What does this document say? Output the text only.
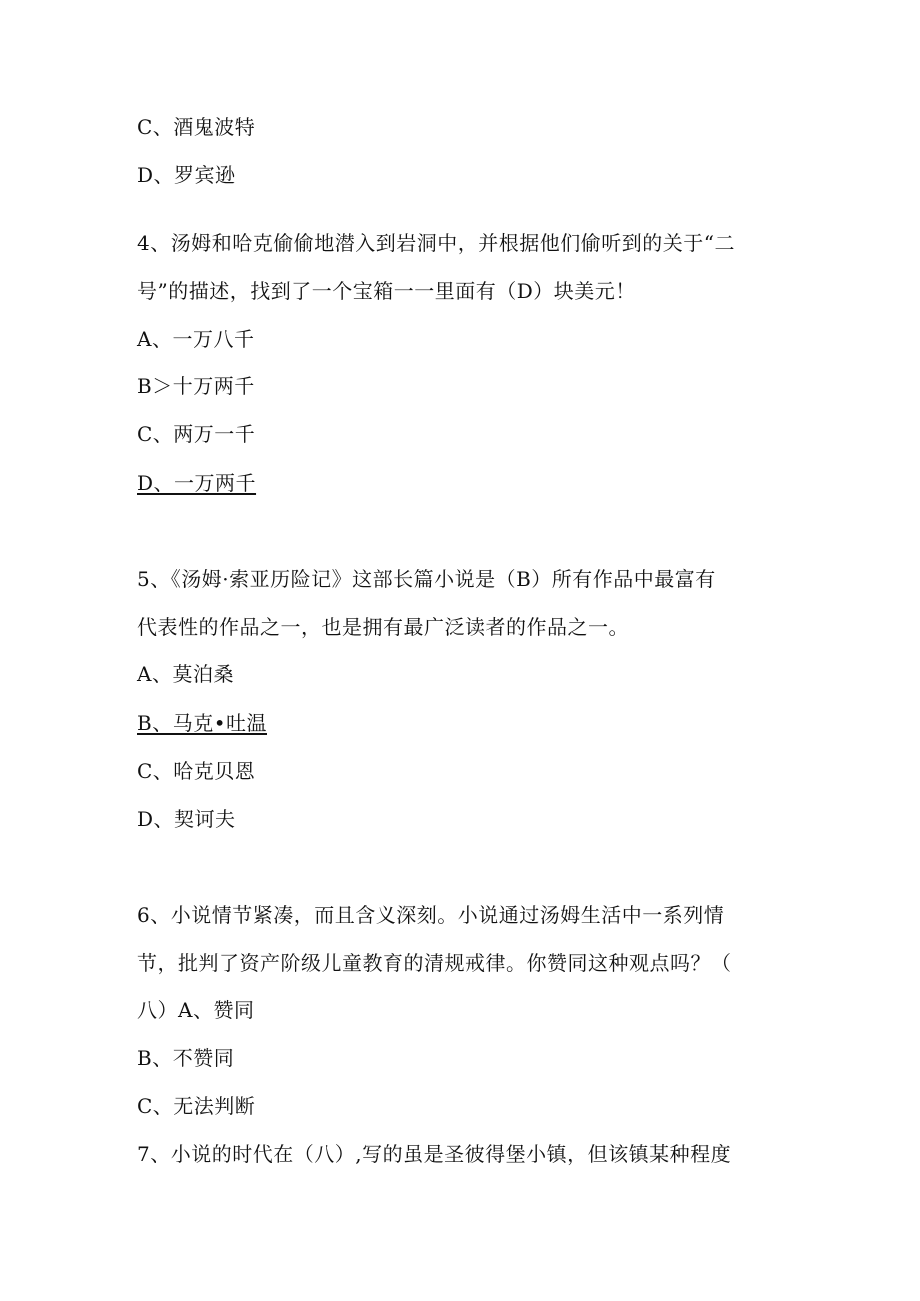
C、酒鬼波特
D、罗宾逊
4、汤姆和哈克偷偷地潜入到岩洞中，并根据他们偷听到的关于“二
号”的描述，找到了一个宝箱一一里面有（D）块美元！
A、一万八千
B＞十万两千
C、两万一千
D、一万两千
5、《汤姆·索亚历险记》这部长篇小说是（B）所有作品中最富有
代表性的作品之一，也是拥有最广泛读者的作品之一。
A、莫泊桑
B、马克•吐温
C、哈克贝恩
D、契诃夫
6、小说情节紧凑，而且含义深刻。小说通过汤姆生活中一系列情
节，批判了资产阶级儿童教育的清规戒律。你赞同这种观点吗？（
八）A、赞同
B、不赞同
C、无法判断
7、小说的时代在（八）,写的虽是圣彼得堡小镇，但该镇某种程度
